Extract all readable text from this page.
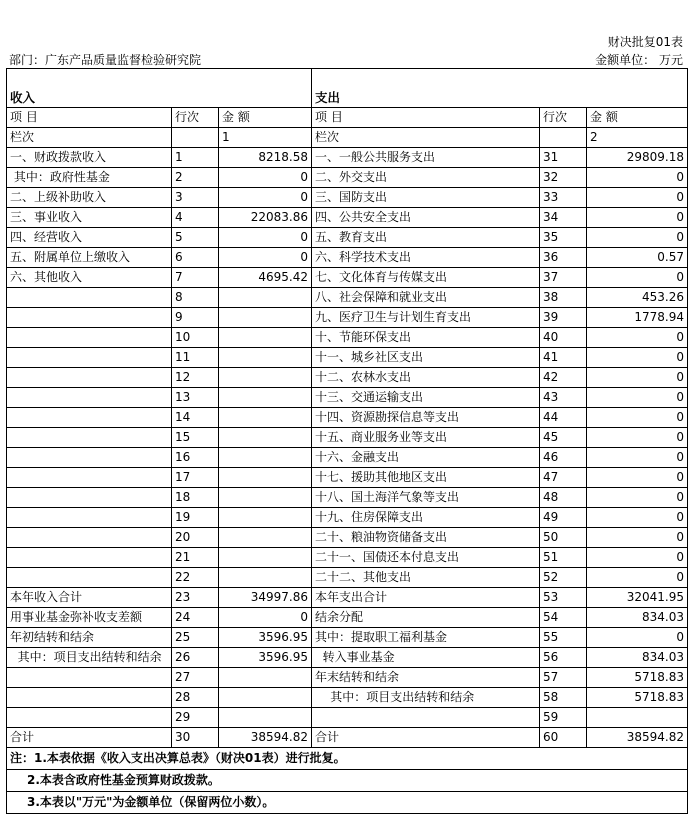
财决批复01表
部门：广东产品质量监督检验研究院	金额单位： 万元
收入			支出		
项 目	行次	金 额	项 目	行次	金 额
栏次		1	栏次		2
一、财政拨款收入	1	8218.58	一、一般公共服务支出	31	29809.18
其中：政府性基金	2	0	二、外交支出	32	0
二、上级补助收入	3	0	三、国防支出	33	0
三、事业收入	4	22083.86	四、公共安全支出	34	0
四、经营收入	5	0	五、教育支出	35	0
五、附属单位上缴收入	6	0	六、科学技术支出	36	0.57
六、其他收入	7	4695.42	七、文化体育与传媒支出	37	0
	8		八、社会保障和就业支出	38	453.26
	9		九、医疗卫生与计划生育支出	39	1778.94
	10		十、节能环保支出	40	0
	11		十一、城乡社区支出	41	0
	12		十二、农林水支出	42	0
	13		十三、交通运输支出	43	0
	14		十四、资源勘探信息等支出	44	0
	15		十五、商业服务业等支出	45	0
	16		十六、金融支出	46	0
	17		十七、援助其他地区支出	47	0
	18		十八、国土海洋气象等支出	48	0
	19		十九、住房保障支出	49	0
	20		二十、粮油物资储备支出	50	0
	21		二十一、国债还本付息支出	51	0
	22		二十二、其他支出	52	0
本年收入合计	23	34997.86	本年支出合计	53	32041.95
用事业基金弥补收支差额	24	0	结余分配	54	834.03
年初结转和结余	25	3596.95	其中：提取职工福利基金	55	0
其中：项目支出结转和结余	26	3596.95	转入事业基金	56	834.03
	27		年末结转和结余	57	5718.83
	28		其中：项目支出结转和结余	58	5718.83
	29			59	
合计	30	38594.82	合计	60	38594.82
注：1.本表依据《收入支出决算总表》（财决01表）进行批复。					
2.本表含政府性基金预算财政拨款。					
3.本表以"万元"为金额单位（保留两位小数）。					
